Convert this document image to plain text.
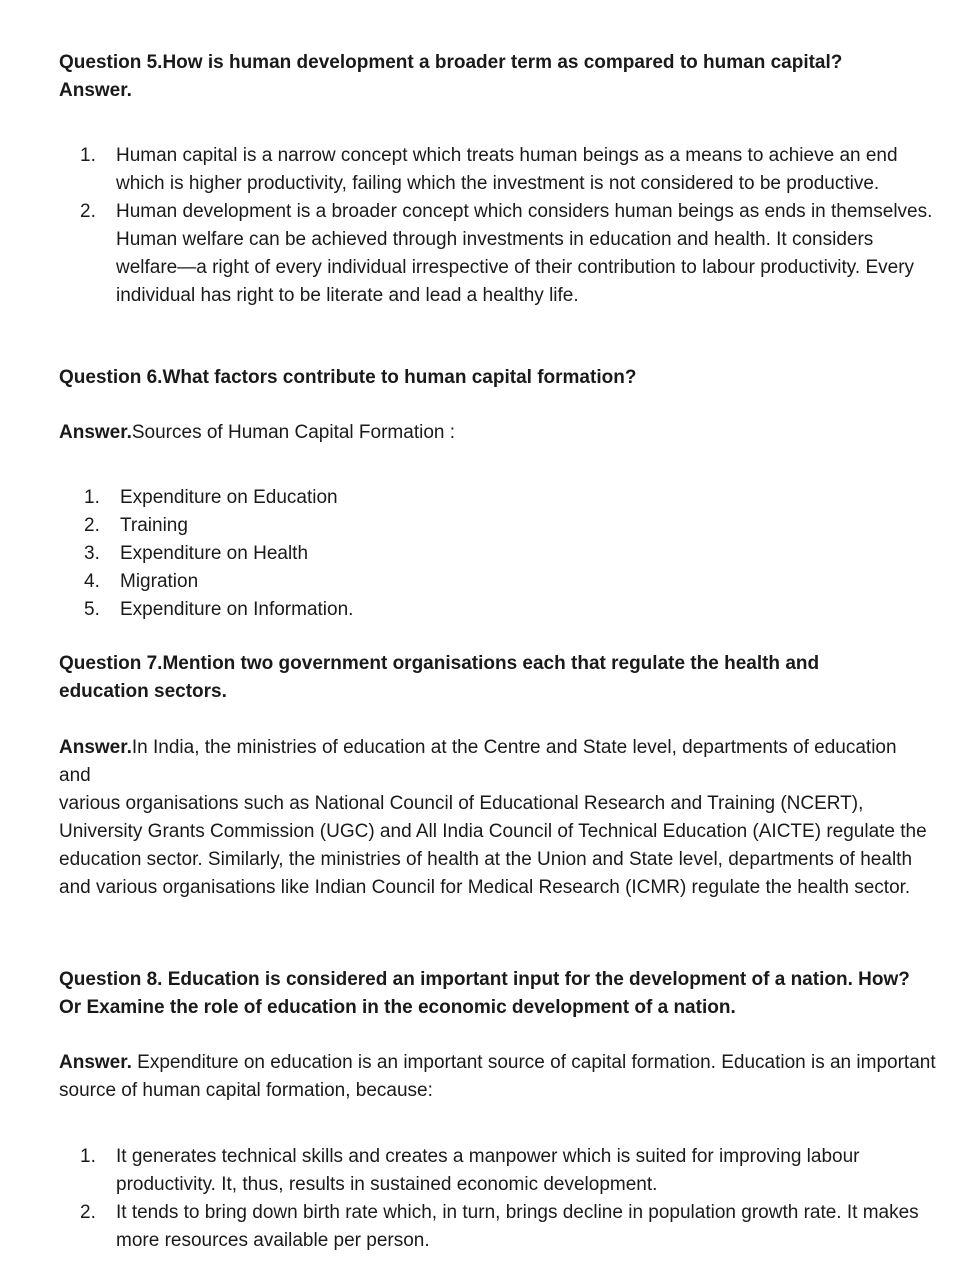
Question 5.How is human development a broader term as compared to human capital?

Answer.

1. Human capital is a narrow concept which treats human beings as a means to achieve an end which is higher productivity, failing which the investment is not considered to be productive.
2. Human development is a broader concept which considers human beings as ends in themselves. Human welfare can be achieved through investments in education and health. It considers welfare—a right of every individual irrespective of their contribution to labour productivity. Every individual has right to be literate and lead a healthy life.

Question 6.What factors contribute to human capital formation?

Answer.Sources of Human Capital Formation :

1. Expenditure on Education
2. Training
3. Expenditure on Health
4. Migration
5. Expenditure on Information.

Question 7.Mention two government organisations each that regulate the health and education sectors.

Answer.In India, the ministries of education at the Centre and State level, departments of education and

various organisations such as National Council of Educational Research and Training (NCERT), University Grants Commission (UGC) and All India Council of Technical Education (AICTE) regulate the education sector. Similarly, the ministries of health at the Union and State level, departments of health and various organisations like Indian Council for Medical Research (ICMR) regulate the health sector.

Question 8. Education is considered an important input for the development of a nation. How? Or Examine the role of education in the economic development of a nation.

Answer. Expenditure on education is an important source of capital formation. Education is an important source of human capital formation, because:

1. It generates technical skills and creates a manpower which is suited for improving labour productivity. It, thus, results in sustained economic development.
2. It tends to bring down birth rate which, in turn, brings decline in population growth rate. It makes more resources available per person.
